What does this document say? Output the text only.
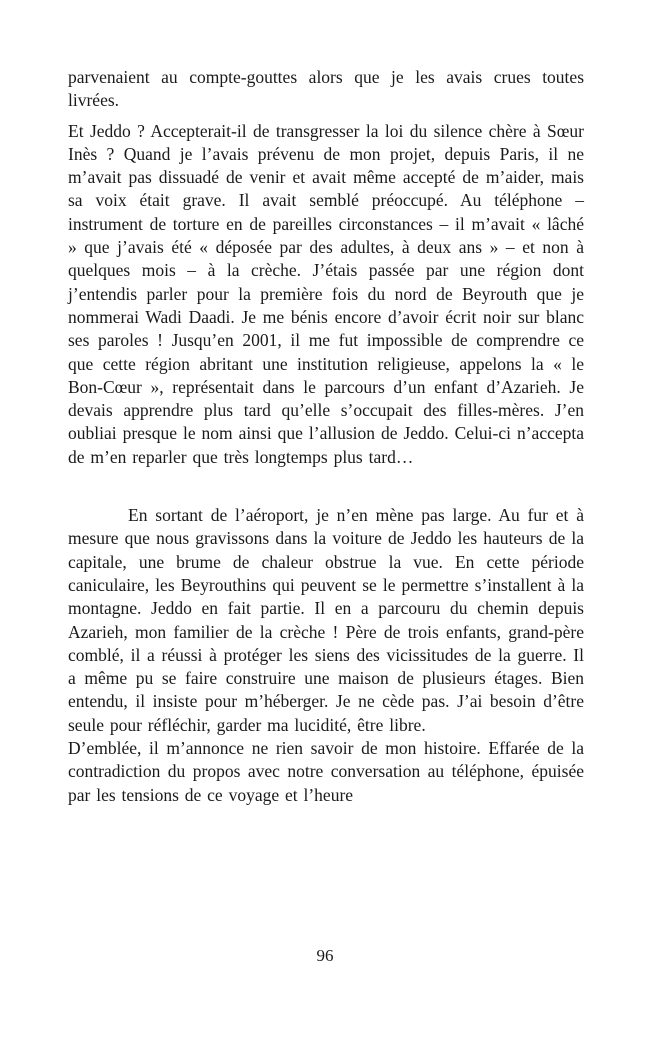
parvenaient au compte-gouttes alors que je les avais crues toutes livrées.

Et Jeddo ? Accepterait-il de transgresser la loi du silence chère à Sœur Inès ? Quand je l’avais prévenu de mon projet, depuis Paris, il ne m’avait pas dissuadé de venir et avait même accepté de m’aider, mais sa voix était grave. Il avait semblé préoccupé. Au téléphone – instrument de torture en de pareilles circonstances – il m’avait « lâché » que j’avais été « déposée par des adultes, à deux ans » – et non à quelques mois – à la crèche. J’étais passée par une région dont j’entendis parler pour la première fois du nord de Beyrouth que je nommerai Wadi Daadi. Je me bénis encore d’avoir écrit noir sur blanc ses paroles ! Jusqu’en 2001, il me fut impossible de comprendre ce que cette région abritant une institution religieuse, appelons la « le Bon-Cœur », représentait dans le parcours d’un enfant d’Azarieh. Je devais apprendre plus tard qu’elle s’occupait des filles-mères. J’en oubliai presque le nom ainsi que l’allusion de Jeddo. Celui-ci n’accepta de m’en reparler que très longtemps plus tard…

En sortant de l’aéroport, je n’en mène pas large. Au fur et à mesure que nous gravissons dans la voiture de Jeddo les hauteurs de la capitale, une brume de chaleur obstrue la vue. En cette période caniculaire, les Beyrouthins qui peuvent se le permettre s’installent à la montagne. Jeddo en fait partie. Il en a parcouru du chemin depuis Azarieh, mon familier de la crèche ! Père de trois enfants, grand-père comblé, il a réussi à protéger les siens des vicissitudes de la guerre. Il a même pu se faire construire une maison de plusieurs étages. Bien entendu, il insiste pour m’héberger. Je ne cède pas. J’ai besoin d’être seule pour réfléchir, garder ma lucidité, être libre.

D’emblée, il m’annonce ne rien savoir de mon histoire. Effarée de la contradiction du propos avec notre conversation au téléphone, épuisée par les tensions de ce voyage et l’heure

96
